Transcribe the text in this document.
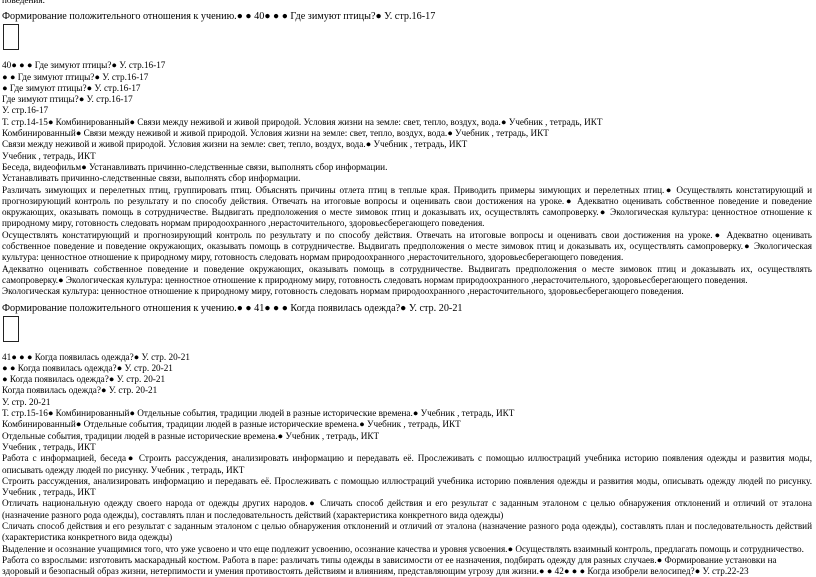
поведения.
Формирование положительного отношения к учению.● ● 40● ● ● Где зимуют птицы?● У. стр.16-17
40● ● ● Где зимуют птицы?● У. стр.16-17
● ● Где зимуют птицы?● У. стр.16-17
● Где зимуют птицы?● У. стр.16-17
Где зимуют птицы?● У. стр.16-17
У. стр.16-17
Т. стр.14-15● Комбинированный● Связи между неживой и живой природой. Условия жизни на земле: свет, тепло, воздух, вода.● Учебник , тетрадь, ИКТ
Комбинированный● Связи между неживой и живой природой. Условия жизни на земле: свет, тепло, воздух, вода.● Учебник , тетрадь, ИКТ
Связи между неживой и живой природой. Условия жизни на земле: свет, тепло, воздух, вода.● Учебник , тетрадь, ИКТ
Учебник , тетрадь, ИКТ
Беседа, видеофильм● Устанавливать причинно-следственные связи, выполнять сбор информации.
Устанавливать причинно-следственные связи, выполнять сбор информации.
Различать зимующих и перелетных птиц, группировать птиц. Объяснять причины отлета птиц в теплые края. Приводить примеры зимующих и перелетных птиц.● Осуществлять констатирующий и прогнозирующий контроль по результату и по способу действия. Отвечать на итоговые вопросы и оценивать свои достижения на уроке.● Адекватно оценивать собственное поведение и поведение окружающих, оказывать помощь в сотрудничестве. Выдвигать предположения о месте зимовок птиц и доказывать их, осуществлять самопроверку.● Экологическая культура: ценностное отношение к природному миру, готовность следовать нормам природоохранного ,нерасточительного, здоровьесберегающего поведения.
Осуществлять констатирующий и прогнозирующий контроль по результату и по способу действия. Отвечать на итоговые вопросы и оценивать свои достижения на уроке.● Адекватно оценивать собственное поведение и поведение окружающих, оказывать помощь в сотрудничестве. Выдвигать предположения о месте зимовок птиц и доказывать их, осуществлять самопроверку.● Экологическая культура: ценностное отношение к природному миру, готовность следовать нормам природоохранного ,нерасточительного, здоровьесберегающего поведения.
Адекватно оценивать собственное поведение и поведение окружающих, оказывать помощь в сотрудничестве. Выдвигать предположения о месте зимовок птиц и доказывать их, осуществлять самопроверку.● Экологическая культура: ценностное отношение к природному миру, готовность следовать нормам природоохранного ,нерасточительного, здоровьесберегающего поведения.
Экологическая культура: ценностное отношение к природному миру, готовность следовать нормам природоохранного ,нерасточительного, здоровьесберегающего поведения.
Формирование положительного отношения к учению.● ● 41● ● ● Когда появилась одежда?● У. стр. 20-21
41● ● ● Когда появилась одежда?● У. стр. 20-21
● ● Когда появилась одежда?● У. стр. 20-21
● Когда появилась одежда?● У. стр. 20-21
Когда появилась одежда?● У. стр. 20-21
У. стр. 20-21
Т. стр.15-16● Комбинированный● Отдельные события, традиции людей в разные исторические времена.● Учебник , тетрадь, ИКТ
Комбинированный● Отдельные события, традиции людей в разные исторические времена.● Учебник , тетрадь, ИКТ
Отдельные события, традиции людей в разные исторические времена.● Учебник , тетрадь, ИКТ
Учебник , тетрадь, ИКТ
Работа с информацией, беседа● Строить рассуждения, анализировать информацию и передавать её. Прослеживать с помощью иллюстраций учебника историю появления одежды и развития моды, описывать одежду людей по рисунку. Учебник , тетрадь, ИКТ
Строить рассуждения, анализировать информацию и передавать её. Прослеживать с помощью иллюстраций учебника историю появления одежды и развития моды, описывать одежду людей по рисунку. Учебник , тетрадь, ИКТ
Отличать национальную одежду своего народа от одежды других народов.● Сличать способ действия и его результат с заданным эталоном с целью обнаружения отклонений и отличий от эталона (назначение разного рода одежды), составлять план и последовательность действий (характеристика конкретного вида одежды)
Сличать способ действия и его результат с заданным эталоном с целью обнаружения отклонений и отличий от эталона (назначение разного рода одежды), составлять план и последовательность действий (характеристика конкретного вида одежды)
Выделение и осознание учащимися того, что уже усвоено и что еще подлежит усвоению, осознание качества и уровня усвоения.● Осуществлять взаимный контроль, предлагать помощь и сотрудничество.
Работа со взрослыми: изготовить маскарадный костюм. Работа в паре: различать типы одежды в зависимости от ее назначения, подбирать одежду для разных случаев.● Формирование установки на
здоровый и безопасный образ жизни, нетерпимости и умения противостоять действиям и влияниям, представляющим угрозу для жизни.● ● 42● ● ● Когда изобрели велосипед?● У. стр.22-23
